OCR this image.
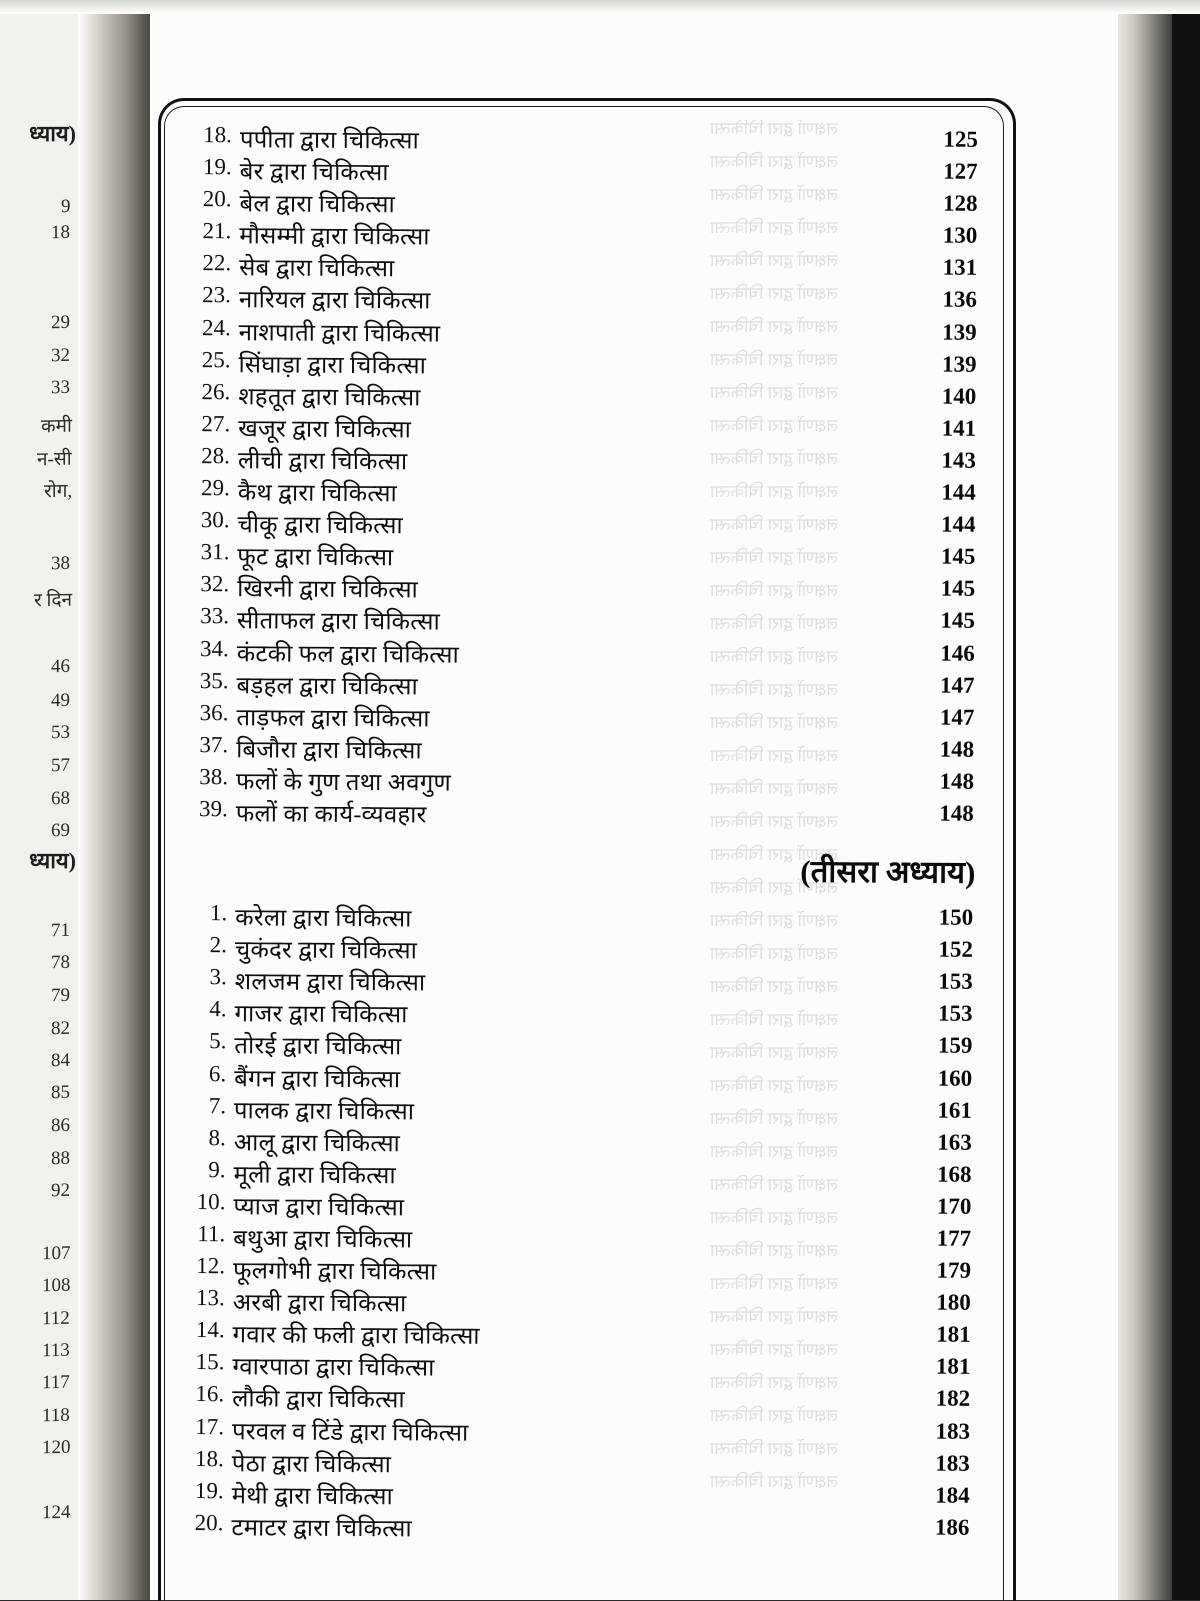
ध्याय)
ध्याय)
9
18
29
32
33
कमी
न-सी
रोग,
38
र दिन
46
49
53
57
68
69
71
78
79
82
84
85
86
88
92
107
108
112
113
117
118
120
124
लक्षणों द्वारा चिकित्सा
लक्षणों द्वारा चिकित्सा
लक्षणों द्वारा चिकित्सा
लक्षणों द्वारा चिकित्सा
लक्षणों द्वारा चिकित्सा
लक्षणों द्वारा चिकित्सा
लक्षणों द्वारा चिकित्सा
लक्षणों द्वारा चिकित्सा
लक्षणों द्वारा चिकित्सा
लक्षणों द्वारा चिकित्सा
लक्षणों द्वारा चिकित्सा
लक्षणों द्वारा चिकित्सा
लक्षणों द्वारा चिकित्सा
लक्षणों द्वारा चिकित्सा
लक्षणों द्वारा चिकित्सा
लक्षणों द्वारा चिकित्सा
लक्षणों द्वारा चिकित्सा
लक्षणों द्वारा चिकित्सा
लक्षणों द्वारा चिकित्सा
लक्षणों द्वारा चिकित्सा
लक्षणों द्वारा चिकित्सा
लक्षणों द्वारा चिकित्सा
लक्षणों द्वारा चिकित्सा
लक्षणों द्वारा चिकित्सा
लक्षणों द्वारा चिकित्सा
लक्षणों द्वारा चिकित्सा
लक्षणों द्वारा चिकित्सा
लक्षणों द्वारा चिकित्सा
लक्षणों द्वारा चिकित्सा
लक्षणों द्वारा चिकित्सा
लक्षणों द्वारा चिकित्सा
लक्षणों द्वारा चिकित्सा
लक्षणों द्वारा चिकित्सा
लक्षणों द्वारा चिकित्सा
लक्षणों द्वारा चिकित्सा
लक्षणों द्वारा चिकित्सा
लक्षणों द्वारा चिकित्सा
लक्षणों द्वारा चिकित्सा
लक्षणों द्वारा चिकित्सा
लक्षणों द्वारा चिकित्सा
लक्षणों द्वारा चिकित्सा
लक्षणों द्वारा चिकित्सा
18. पपीता द्वारा चिकित्सा	125
19. बेर द्वारा चिकित्सा	127
20. बेल द्वारा चिकित्सा	128
21. मौसम्मी द्वारा चिकित्सा	130
22. सेब द्वारा चिकित्सा	131
23. नारियल द्वारा चिकित्सा	136
24. नाशपाती द्वारा चिकित्सा	139
25. सिंघाड़ा द्वारा चिकित्सा	139
26. शहतूत द्वारा चिकित्सा	140
27. खजूर द्वारा चिकित्सा	141
28. लीची द्वारा चिकित्सा	143
29. कैथ द्वारा चिकित्सा	144
30. चीकू द्वारा चिकित्सा	144
31. फूट द्वारा चिकित्सा	145
32. खिरनी द्वारा चिकित्सा	145
33. सीताफल द्वारा चिकित्सा	145
34. कंटकी फल द्वारा चिकित्सा	146
35. बड़हल द्वारा चिकित्सा	147
36. ताड़फल द्वारा चिकित्सा	147
37. बिजौरा द्वारा चिकित्सा	148
38. फलों के गुण तथा अवगुण	148
39. फलों का कार्य-व्यवहार	148
(तीसरा अध्याय)
1. करेला द्वारा चिकित्सा	150
2. चुकंदर द्वारा चिकित्सा	152
3. शलजम द्वारा चिकित्सा	153
4. गाजर द्वारा चिकित्सा	153
5. तोरई द्वारा चिकित्सा	159
6. बैंगन द्वारा चिकित्सा	160
7. पालक द्वारा चिकित्सा	161
8. आलू द्वारा चिकित्सा	163
9. मूली द्वारा चिकित्सा	168
10. प्याज द्वारा चिकित्सा	170
11. बथुआ द्वारा चिकित्सा	177
12. फूलगोभी द्वारा चिकित्सा	179
13. अरबी द्वारा चिकित्सा	180
14. गवार की फली द्वारा चिकित्सा	181
15. ग्वारपाठा द्वारा चिकित्सा	181
16. लौकी द्वारा चिकित्सा	182
17. परवल व टिंडे द्वारा चिकित्सा	183
18. पेठा द्वारा चिकित्सा	183
19. मेथी द्वारा चिकित्सा	184
20. टमाटर द्वारा चिकित्सा	186
